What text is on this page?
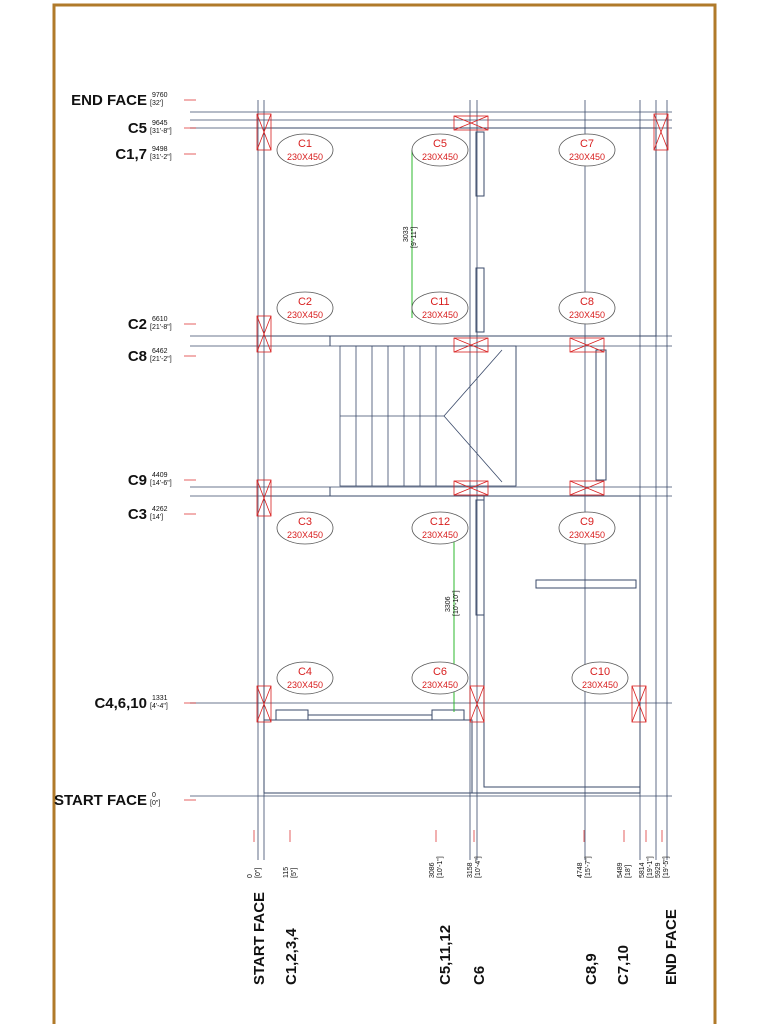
3033 [9'-11"]
3306 [10'-10"]
C1
230X450
C5
230X450
C7
230X450
C2
230X450
C11
230X450
C8
230X450
C3
230X450
C12
230X450
C9
230X450
C4
230X450
C6
230X450
C10
230X450
END FACE 9760
[32']
C5 9645
[31'-8"]
C1,7 9498
[31'-2"]
C2 6610
[21'-8"]
C8 6462
[21'-2"]
C9 4409
[14'-6"]
C3 4262
[14']
C4,6,10 1331
[4'-4"]
START FACE 0
[0"]
0 [0"]	115 [5"]	3086 [10'-1"]	3158 [10'-4"]	4748 [15'-7"]	5489 [18'] 5814 [19'-1"] 5929 [19'-5"]
START FACE C1,2,3,4	C5,11,12 C6	C8,9 C7,10 END FACE
